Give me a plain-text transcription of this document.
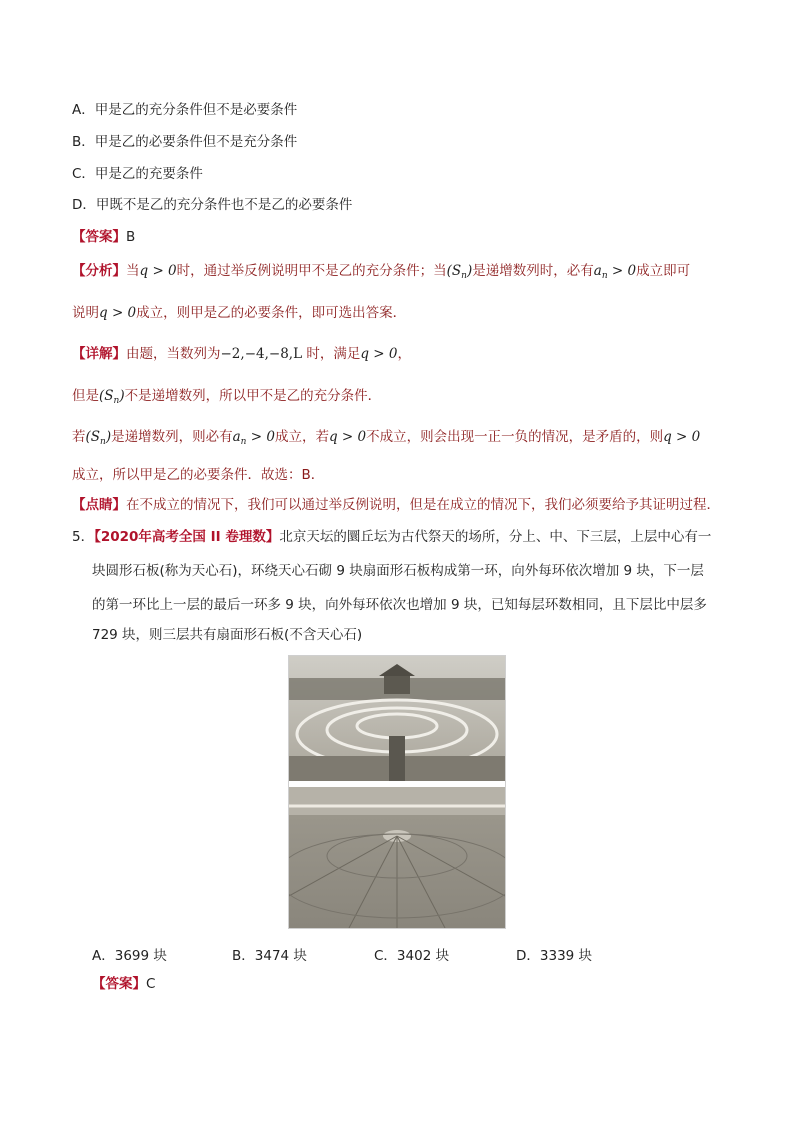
A．甲是乙的充分条件但不是必要条件
B．甲是乙的必要条件但不是充分条件
C．甲是乙的充要条件
D．甲既不是乙的充分条件也不是乙的必要条件
【答案】B
【分析】当q > 0时，通过举反例说明甲不是乙的充分条件；当$(S_n)$是递增数列时，必有$a_n > 0$成立即可
说明q > 0成立，则甲是乙的必要条件，即可选出答案．
【详解】由题，当数列为−2,−4,−8,L 时，满足q > 0，
但是$(S_n)$不是递增数列，所以甲不是乙的充分条件．
若$(S_n)$是递增数列，则必有$a_n > 0$成立，若q > 0不成立，则会出现一正一负的情况，是矛盾的，则q > 0
成立，所以甲是乙的必要条件．故选：B．
【点睛】在不成立的情况下，我们可以通过举反例说明，但是在成立的情况下，我们必须要给予其证明过程．
5．【2020年高考全国 II 卷理数】北京天坛的圜丘坛为古代祭天的场所，分上、中、下三层，上层中心有一
块圆形石板(称为天心石)，环绕天心石砌 9 块扇面形石板构成第一环，向外每环依次增加 9 块，下一层
的第一环比上一层的最后一环多 9 块，向外每环依次也增加 9 块，已知每层环数相同，且下层比中层多
729 块，则三层共有扇面形石板(不含天心石)
A．3699 块	B．3474 块	C．3402 块	D．3339 块
【答案】C
